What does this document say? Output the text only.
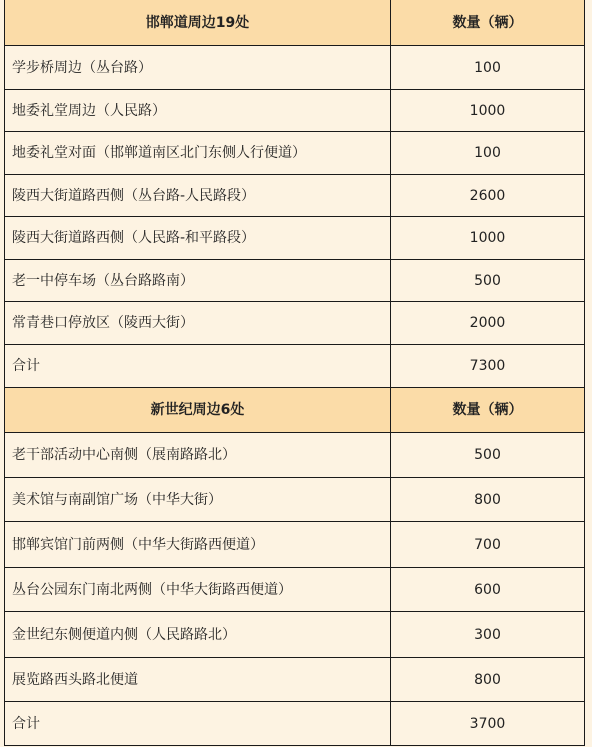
邯郸道周边19处	数量（辆）
学步桥周边（丛台路）	100
地委礼堂周边（人民路）	1000
地委礼堂对面（邯郸道南区北门东侧人行便道）	100
陵西大街道路西侧（丛台路-人民路段）	2600
陵西大街道路西侧（人民路-和平路段）	1000
老一中停车场（丛台路路南）	500
常青巷口停放区（陵西大街）	2000
合计	7300
新世纪周边6处	数量（辆）
老干部活动中心南侧（展南路路北）	500
美术馆与南副馆广场（中华大街）	800
邯郸宾馆门前两侧（中华大街路西便道）	700
丛台公园东门南北两侧（中华大街路西便道）	600
金世纪东侧便道内侧（人民路路北）	300
展览路西头路北便道	800
合计	3700
